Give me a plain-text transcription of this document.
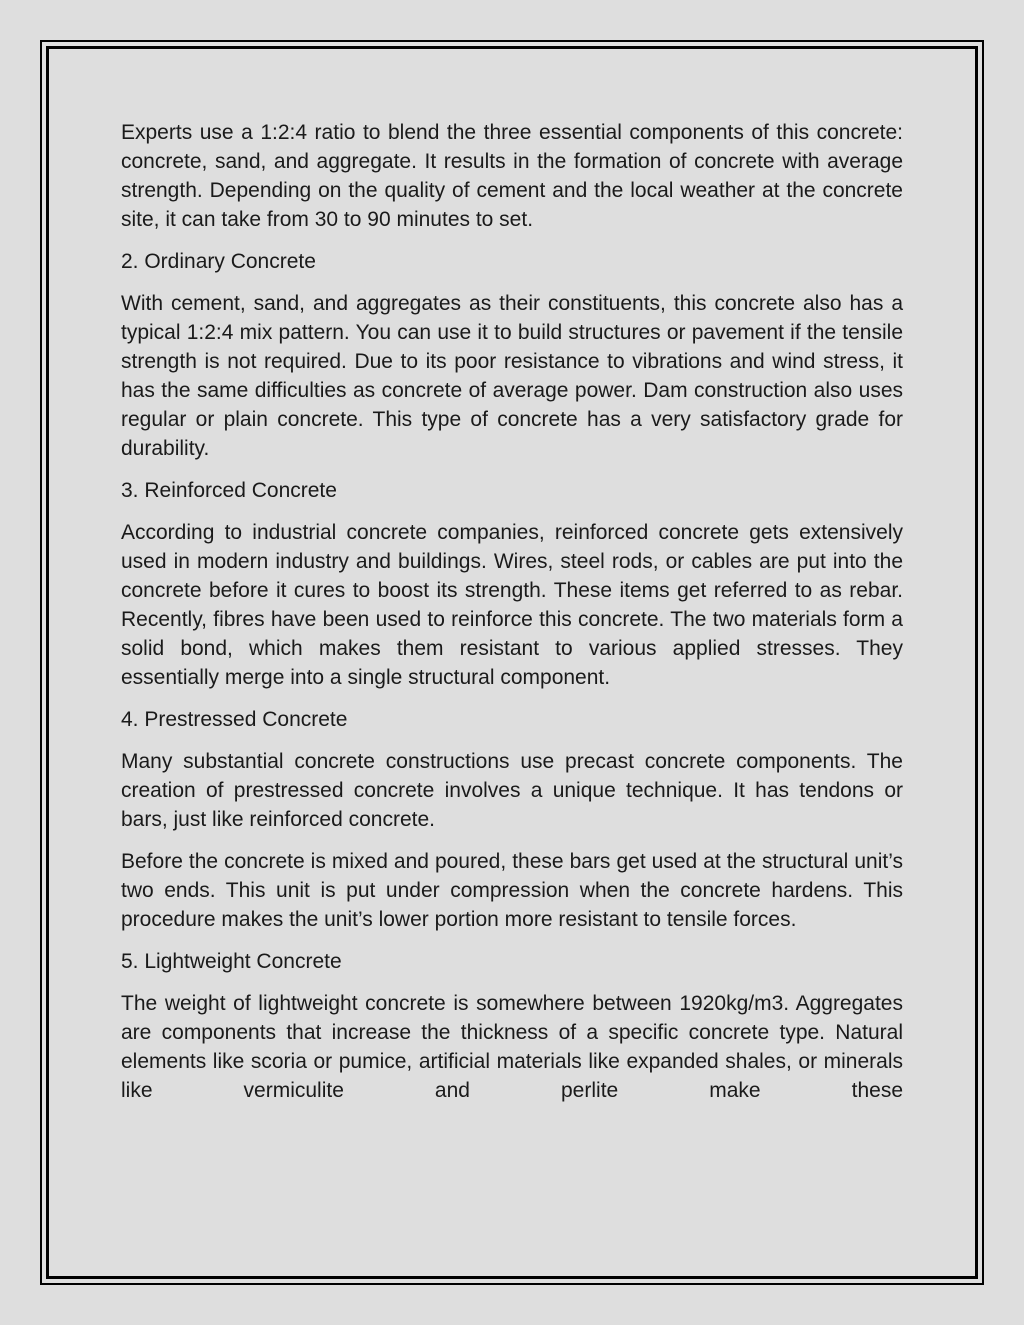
Experts use a 1:2:4 ratio to blend the three essential components of this concrete: concrete, sand, and aggregate. It results in the formation of concrete with average strength. Depending on the quality of cement and the local weather at the concrete site, it can take from 30 to 90 minutes to set.

2. Ordinary Concrete

With cement, sand, and aggregates as their constituents, this concrete also has a typical 1:2:4 mix pattern. You can use it to build structures or pavement if the tensile strength is not required. Due to its poor resistance to vibrations and wind stress, it has the same difficulties as concrete of average power. Dam construction also uses regular or plain concrete. This type of concrete has a very satisfactory grade for durability.

3. Reinforced Concrete

According to industrial concrete companies, reinforced concrete gets extensively used in modern industry and buildings. Wires, steel rods, or cables are put into the concrete before it cures to boost its strength. These items get referred to as rebar. Recently, fibres have been used to reinforce this concrete. The two materials form a solid bond, which makes them resistant to various applied stresses. They essentially merge into a single structural component.

4. Prestressed Concrete

Many substantial concrete constructions use precast concrete components. The creation of prestressed concrete involves a unique technique. It has tendons or bars, just like reinforced concrete.

Before the concrete is mixed and poured, these bars get used at the structural unit’s two ends. This unit is put under compression when the concrete hardens. This procedure makes the unit’s lower portion more resistant to tensile forces.

5. Lightweight Concrete

The weight of lightweight concrete is somewhere between 1920kg/m3. Aggregates are components that increase the thickness of a specific concrete type. Natural elements like scoria or pumice, artificial materials like expanded shales, or minerals like vermiculite and perlite make these
